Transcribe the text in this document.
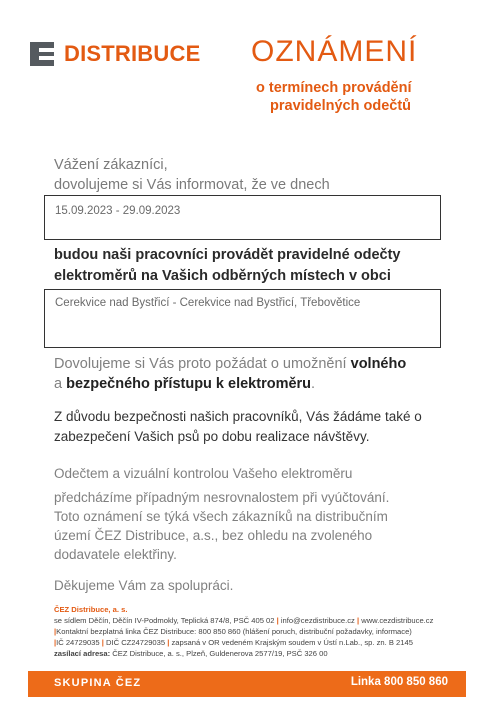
DISTRIBUCE OZNÁMENÍ
o termínech provádění
pravidelných odečtů
Vážení zákazníci,
dovolujeme si Vás informovat, že ve dnech
15.09.2023 - 29.09.2023
budou naši pracovníci provádět pravidelné odečty
elektroměrů na Vašich odběrných místech v obci
Cerekvice nad Bystřicí - Cerekvice nad Bystřicí, Třebovětice
Dovolujeme si Vás proto požádat o umožnění volného
a bezpečného přístupu k elektroměru.
Z důvodu bezpečnosti našich pracovníků, Vás žádáme také o
zabezpečení Vašich psů po dobu realizace návštěvy.
Odečtem a vizuální kontrolou Vašeho elektroměru
předcházíme případným nesrovnalostem při vyúčtování.
Toto oznámení se týká všech zákazníků na distribučním
území ČEZ Distribuce, a.s., bez ohledu na zvoleného
dodavatele elektřiny.
Děkujeme Vám za spolupráci.
ČEZ Distribuce, a. s.
se sídlem Děčín, Děčín IV-Podmokly, Teplická 874/8, PSČ 405 02 | info@cezdistribuce.cz | www.cezdistribuce.cz
|Kontaktní bezplatná linka ČEZ Distribuce: 800 850 860 (hlášení poruch, distribuční požadavky, informace)
|IČ 24729035 | DIČ CZ24729035 | zapsaná v OR vedeném Krajským soudem v Ústí n.Lab., sp. zn. B 2145
zasílací adresa: ČEZ Distribuce, a. s., Plzeň, Guldenerova 2577/19, PSČ 326 00
SKUPINA ČEZ	Linka 800 850 860
